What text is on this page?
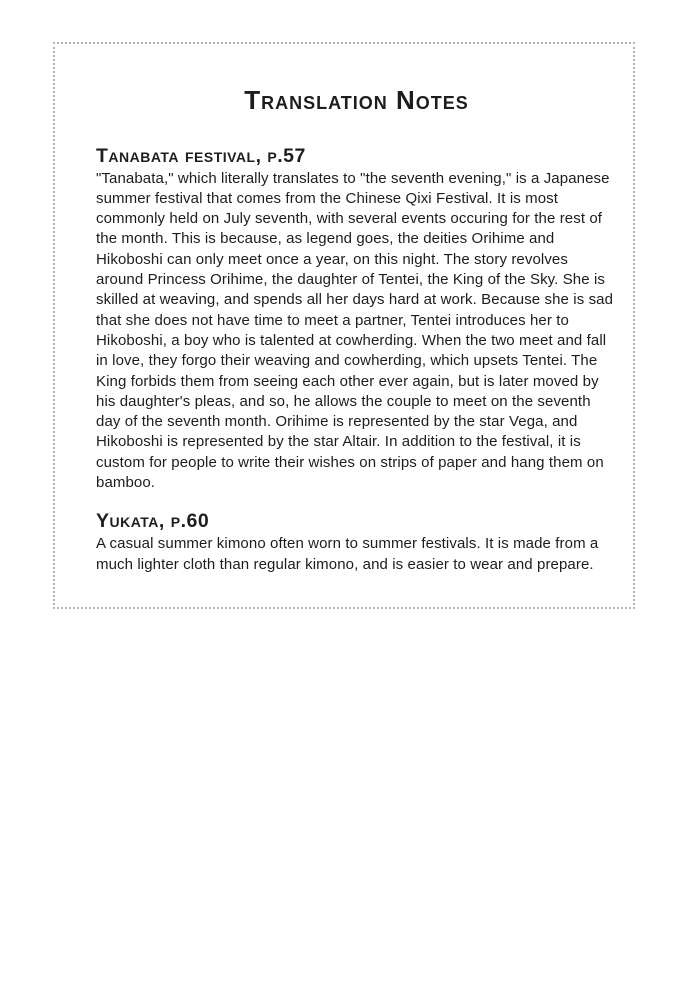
Translation Notes
Tanabata festival, p.57

"Tanabata," which literally translates to "the seventh evening," is a Japanese summer festival that comes from the Chinese Qixi Festival. It is most commonly held on July seventh, with several events occuring for the rest of the month. This is because, as legend goes, the deities Orihime and Hikoboshi can only meet once a year, on this night. The story revolves around Princess Orihime, the daughter of Tentei, the King of the Sky. She is skilled at weaving, and spends all her days hard at work. Because she is sad that she does not have time to meet a partner, Tentei introduces her to Hikoboshi, a boy who is talented at cowherding. When the two meet and fall in love, they forgo their weaving and cowherding, which upsets Tentei. The King forbids them from seeing each other ever again, but is later moved by his daughter's pleas, and so, he allows the couple to meet on the seventh day of the seventh month. Orihime is represented by the star Vega, and Hikoboshi is represented by the star Altair. In addition to the festival, it is custom for people to write their wishes on strips of paper and hang them on bamboo.

Yukata, p.60

A casual summer kimono often worn to summer festivals. It is made from a much lighter cloth than regular kimono, and is easier to wear and prepare.
